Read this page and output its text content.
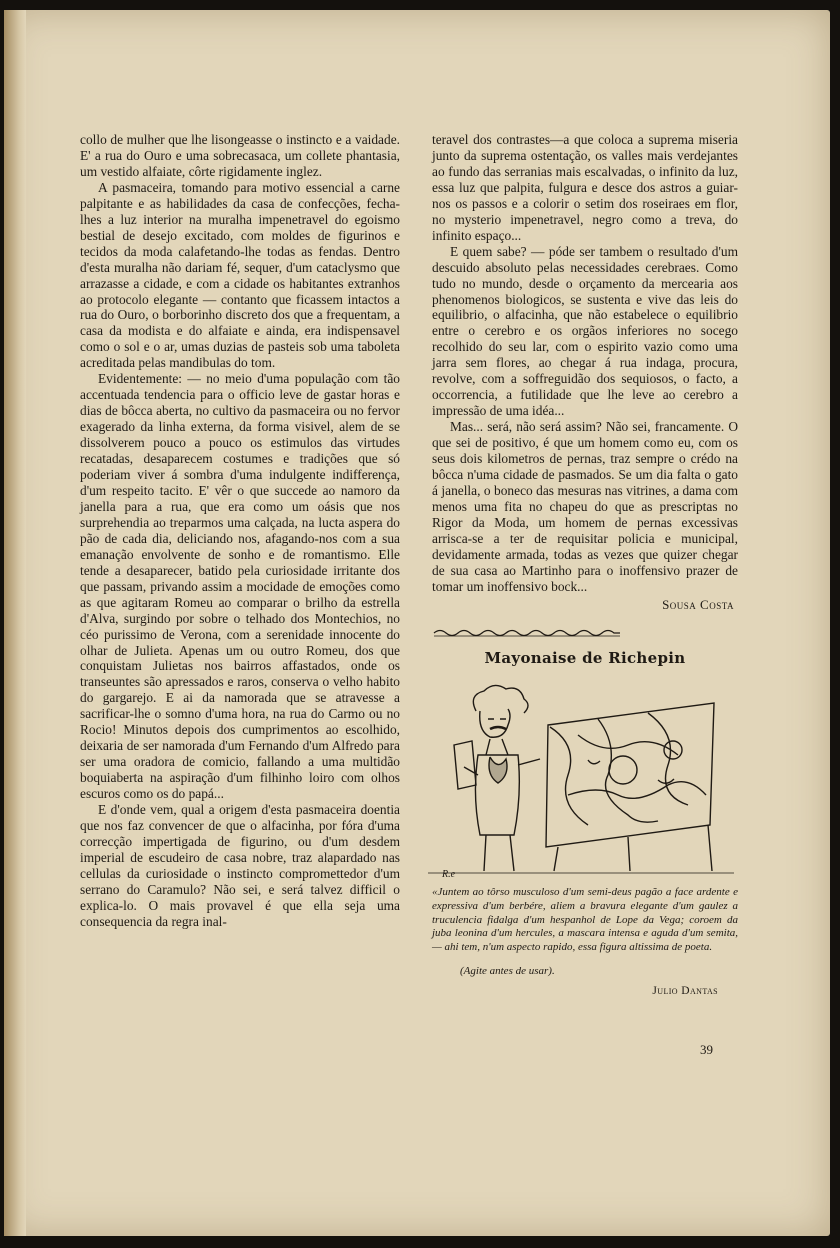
collo de mulher que lhe lisongeasse o instincto e a vaidade. E' a rua do Ouro e uma sobrecasaca, um collete phantasia, um vestido alfaiate, côrte rigidamente inglez.

A pasmaceira, tomando para motivo essencial a carne palpitante e as habilidades da casa de confecções, fecha-lhes a luz interior na muralha impenetravel do egoismo bestial de desejo excitado, com moldes de figurinos e tecidos da moda calafetando-lhe todas as fendas. Dentro d'esta muralha não dariam fé, sequer, d'um cataclysmo que arrazasse a cidade, e com a cidade os habitantes extranhos ao protocolo elegante — contanto que ficassem intactos a rua do Ouro, o borborinho discreto dos que a frequentam, a casa da modista e do alfaiate e ainda, era indispensavel como o sol e o ar, umas duzias de pasteis sob uma taboleta acreditada pelas mandibulas do tom.

Evidentemente: — no meio d'uma população com tão accentuada tendencia para o officio leve de gastar horas e dias de bôcca aberta, no cultivo da pasmaceira ou no fervor exagerado da linha externa, da forma visivel, alem de se dissolverem pouco a pouco os estimulos das virtudes recatadas, desaparecem costumes e tradições que só poderiam viver á sombra d'uma indulgente indifferença, d'um respeito tacito. E' vêr o que succede ao namoro da janella para a rua, que era como um oásis que nos surprehendia ao treparmos uma calçada, na lucta aspera do pão de cada dia, deliciando nos, afagando-nos com a sua emanação envolvente de sonho e de romantismo. Elle tende a desaparecer, batido pela curiosidade irritante dos que passam, privando assim a mocidade de emoções como as que agitaram Romeu ao comparar o brilho da estrella d'Alva, surgindo por sobre o telhado dos Montechios, no céo purissimo de Verona, com a serenidade innocente do olhar de Julieta. Apenas um ou outro Romeu, dos que conquistam Julietas nos bairros affastados, onde os transeuntes são apressados e raros, conserva o velho habito do gargarejo. E ai da namorada que se atravesse a sacrificar-lhe o somno d'uma hora, na rua do Carmo ou no Rocio! Minutos depois dos cumprimentos ao escolhido, deixaria de ser namorada d'um Fernando d'um Alfredo para ser uma oradora de comicio, fallando a uma multidão boquiaberta na aspiração d'um filhinho loiro com olhos escuros como os do papá...

E d'onde vem, qual a origem d'esta pasmaceira doentia que nos faz convencer de que o alfacinha, por fóra d'uma correcção impertigada de figurino, ou d'um desdem imperial de escudeiro de casa nobre, traz alapardado nas cellulas da curiosidade o instincto compromettedor d'um serrano do Caramulo? Não sei, e será talvez difficil o explica-lo. O mais provavel é que ella seja uma consequencia da regra inal-

teravel dos contrastes—a que coloca a suprema miseria junto da suprema ostentação, os valles mais verdejantes ao fundo das serranias mais escalvadas, o infinito da luz, essa luz que palpita, fulgura e desce dos astros a guiar-nos os passos e a colorir o setim dos roseiraes em flor, no mysterio impenetravel, negro como a treva, do infinito espaço...

E quem sabe? — póde ser tambem o resultado d'um descuido absoluto pelas necessidades cerebraes. Como tudo no mundo, desde o orçamento da mercearia aos phenomenos biologicos, se sustenta e vive das leis do equilibrio, o alfacinha, que não estabelece o equilibrio entre o cerebro e os orgãos inferiores no socego recolhido do seu lar, com o espirito vazio como uma jarra sem flores, ao chegar á rua indaga, procura, revolve, com a soffreguidão dos sequiosos, o facto, a occorrencia, a futilidade que lhe leve ao cerebro a impressão de uma idéa...

Mas... será, não será assim? Não sei, francamente. O que sei de positivo, é que um homem como eu, com os seus dois kilometros de pernas, traz sempre o crédo na bôcca n'uma cidade de pasmados. Se um dia falta o gato á janella, o boneco das mesuras nas vitrines, a dama com menos uma fita no chapeu do que as prescriptas no Rigor da Moda, um homem de pernas excessivas arrisca-se a ter de requisitar policia e municipal, devidamente armada, todas as vezes que quizer chegar de sua casa ao Martinho para o inoffensivo prazer de tomar um inoffensivo bock...

Sousa Costa
Mayonaise de Richepin
R.e

«Juntem ao tôrso musculoso d'um semi-deus pagão a face ardente e expressiva d'um berbére, aliem a bravura elegante d'um gaulez a truculencia fidalga d'um hespanhol de Lope da Vega; coroem da juba leonina d'um hercules, a mascara intensa e aguda d'um semita, — ahi tem, n'um aspecto rapido, essa figura altissima de poeta.

(Agite antes de usar).
Julio Dantas
39
